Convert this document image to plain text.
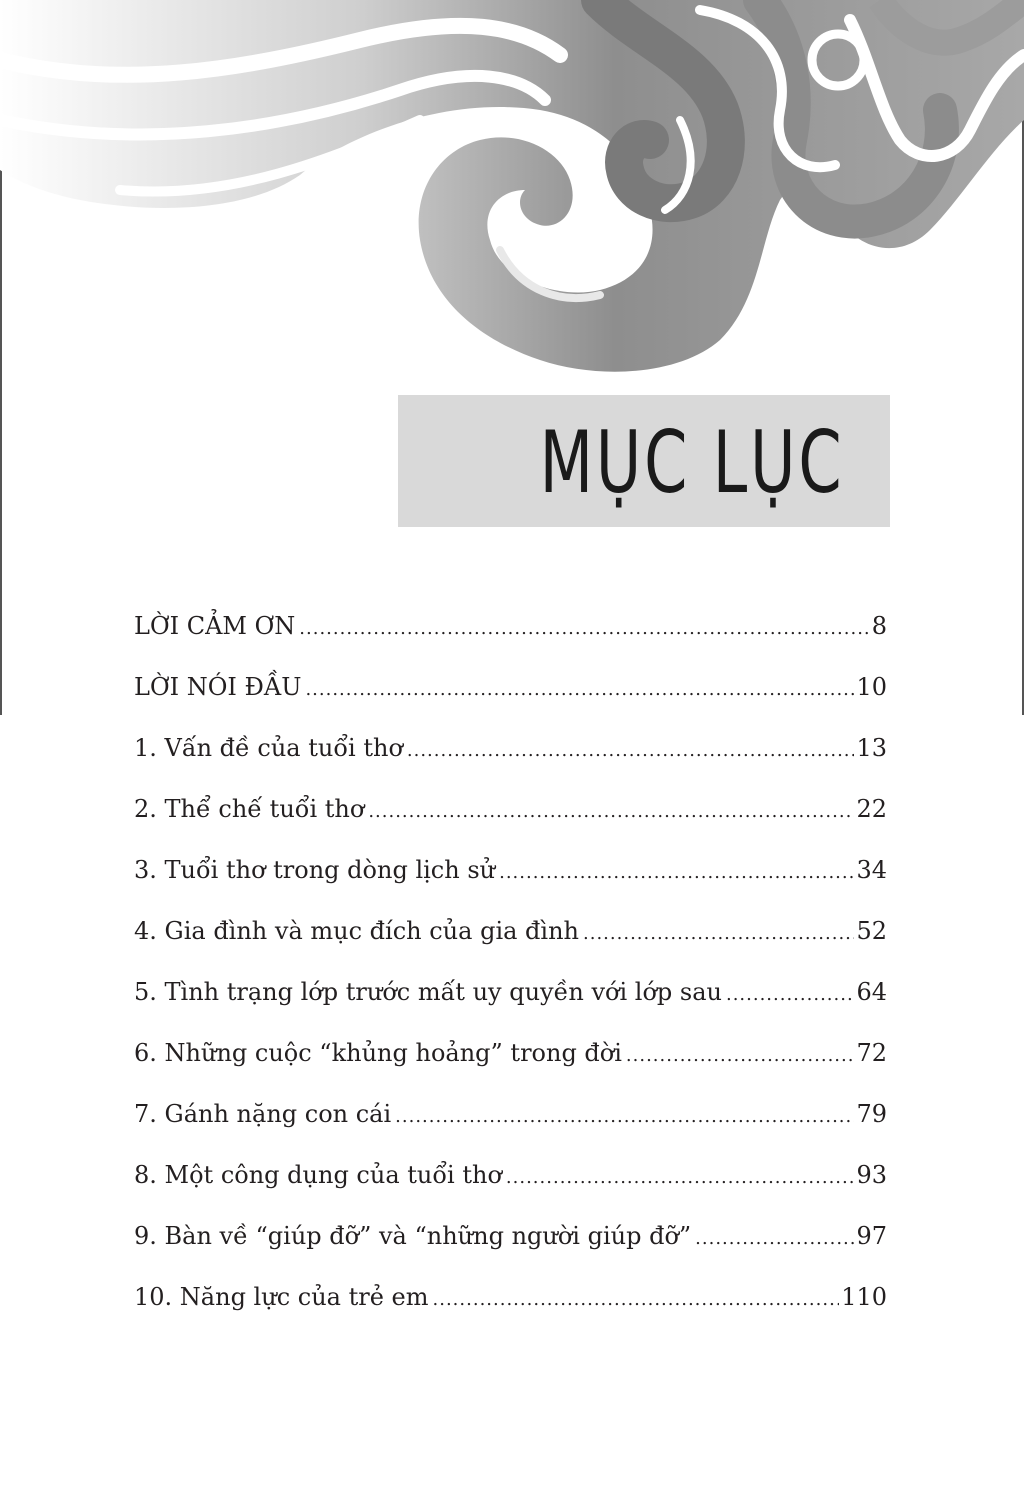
MỤC LỤC
LỜI CẢM ƠN .....	8
LỜI NÓI ĐẦU .....	10
1. Vấn đề của tuổi thơ .....	13
2. Thể chế tuổi thơ .....	22
3. Tuổi thơ trong dòng lịch sử .....	34
4. Gia đình và mục đích của gia đình .....	52
5. Tình trạng lớp trước mất uy quyền với lớp sau .....	64
6. Những cuộc “khủng hoảng” trong đời .....	72
7. Gánh nặng con cái .....	79
8. Một công dụng của tuổi thơ .....	93
9. Bàn về “giúp đỡ” và “những người giúp đỡ” .....	97
10. Năng lực của trẻ em .....	110
